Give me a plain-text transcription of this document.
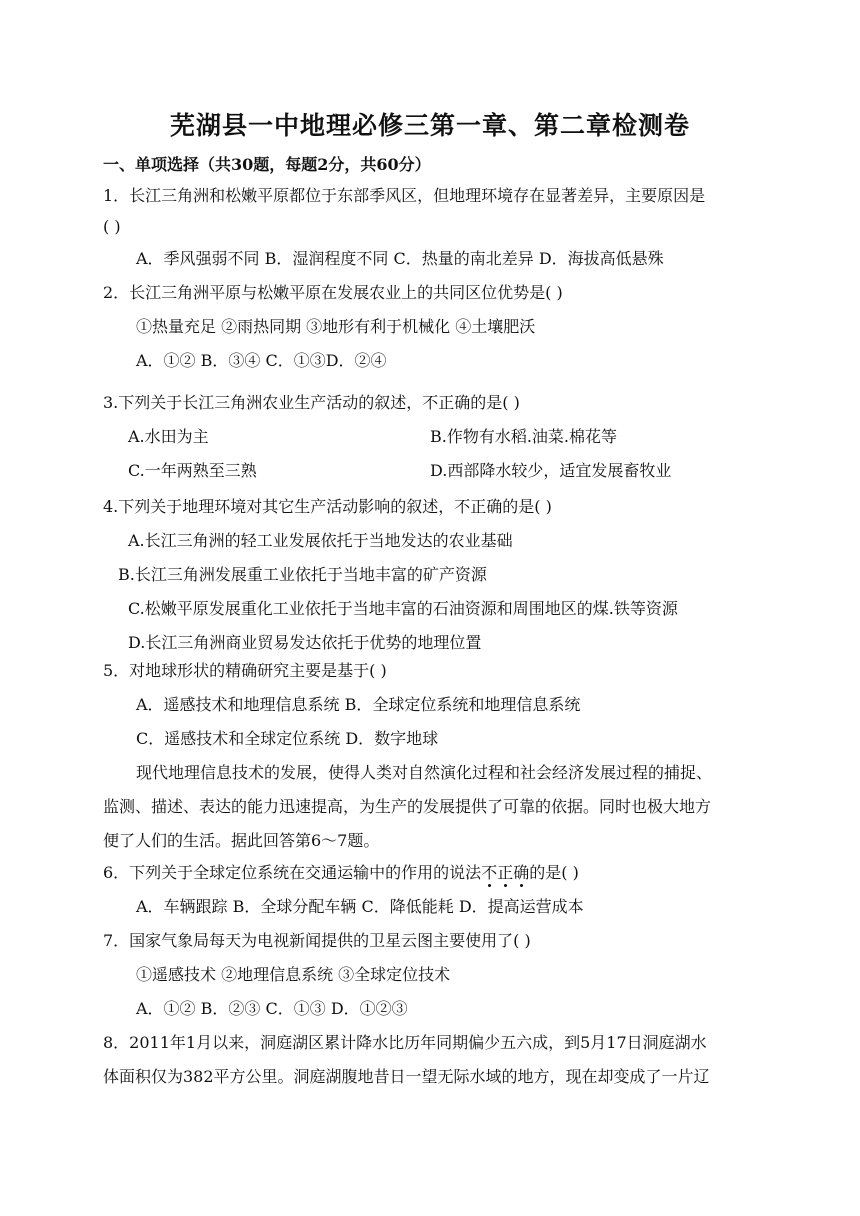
芜湖县一中地理必修三第一章、第二章检测卷

一、单项选择（共30题，每题2分，共60分）

1．长江三角洲和松嫩平原都位于东部季风区，但地理环境存在显著差异，主要原因是

( )

A．季风强弱不同 B．湿润程度不同 C．热量的南北差异 D．海拔高低悬殊

2．长江三角洲平原与松嫩平原在发展农业上的共同区位优势是( )

①热量充足 ②雨热同期 ③地形有利于机械化 ④土壤肥沃

A．①② B．③④ C．①③D．②④

3.下列关于长江三角洲农业生产活动的叙述，不正确的是( )

A.水田为主	B.作物有水稻.油菜.棉花等

C.一年两熟至三熟	D.西部降水较少，适宜发展畜牧业

4.下列关于地理环境对其它生产活动影响的叙述，不正确的是( )

A.长江三角洲的轻工业发展依托于当地发达的农业基础

B.长江三角洲发展重工业依托于当地丰富的矿产资源

C.松嫩平原发展重化工业依托于当地丰富的石油资源和周围地区的煤.铁等资源

D.长江三角洲商业贸易发达依托于优势的地理位置

5．对地球形状的精确研究主要是基于( )

A．遥感技术和地理信息系统 B．全球定位系统和地理信息系统

C．遥感技术和全球定位系统 D．数字地球

现代地理信息技术的发展，使得人类对自然演化过程和社会经济发展过程的捕捉、

监测、描述、表达的能力迅速提高，为生产的发展提供了可靠的依据。同时也极大地方

便了人们的生活。据此回答第6～7题。

6．下列关于全球定位系统在交通运输中的作用的说法不正确的是( )

A．车辆跟踪 B．全球分配车辆 C．降低能耗 D．提高运营成本

7．国家气象局每天为电视新闻提供的卫星云图主要使用了( )

①遥感技术 ②地理信息系统 ③全球定位技术

A．①② B．②③ C．①③ D．①②③

8．2011年1月以来，洞庭湖区累计降水比历年同期偏少五六成，到5月17日洞庭湖水

体面积仅为382平方公里。洞庭湖腹地昔日一望无际水域的地方，现在却变成了一片辽
